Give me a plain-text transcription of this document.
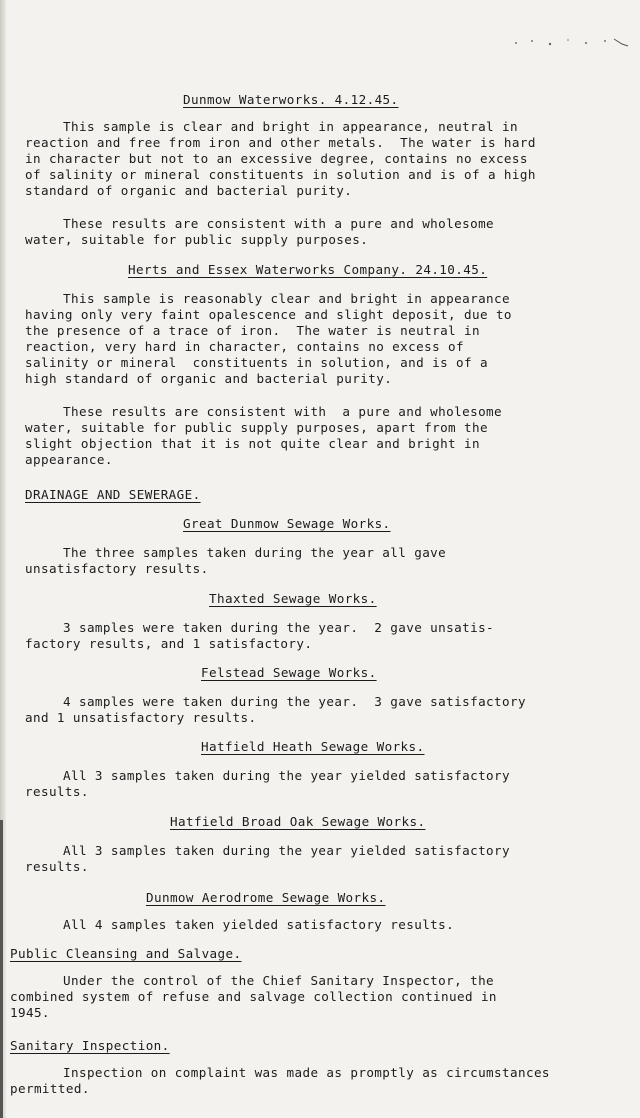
Dunmow Waterworks. 4.12.45.
This sample is clear and bright in appearance, neutral in
reaction and free from iron and other metals.  The water is hard
in character but not to an excessive degree, contains no excess
of salinity or mineral constituents in solution and is of a high
standard of organic and bacterial purity.
These results are consistent with a pure and wholesome
water, suitable for public supply purposes.
Herts and Essex Waterworks Company. 24.10.45.
This sample is reasonably clear and bright in appearance
having only very faint opalescence and slight deposit, due to
the presence of a trace of iron.  The water is neutral in
reaction, very hard in character, contains no excess of
salinity or mineral  constituents in solution, and is of a
high standard of organic and bacterial purity.
These results are consistent with  a pure and wholesome
water, suitable for public supply purposes, apart from the
slight objection that it is not quite clear and bright in
appearance.
DRAINAGE AND SEWERAGE.
Great Dunmow Sewage Works.
The three samples taken during the year all gave
unsatisfactory results.
Thaxted Sewage Works.
3 samples were taken during the year.  2 gave unsatis-
factory results, and 1 satisfactory.
Felstead Sewage Works.
4 samples were taken during the year.  3 gave satisfactory
and 1 unsatisfactory results.
Hatfield Heath Sewage Works.
All 3 samples taken during the year yielded satisfactory
results.
Hatfield Broad Oak Sewage Works.
All 3 samples taken during the year yielded satisfactory
results.
Dunmow Aerodrome Sewage Works.
All 4 samples taken yielded satisfactory results.
Public Cleansing and Salvage.
Under the control of the Chief Sanitary Inspector, the
combined system of refuse and salvage collection continued in
1945.
Sanitary Inspection.
Inspection on complaint was made as promptly as circumstances
permitted.
